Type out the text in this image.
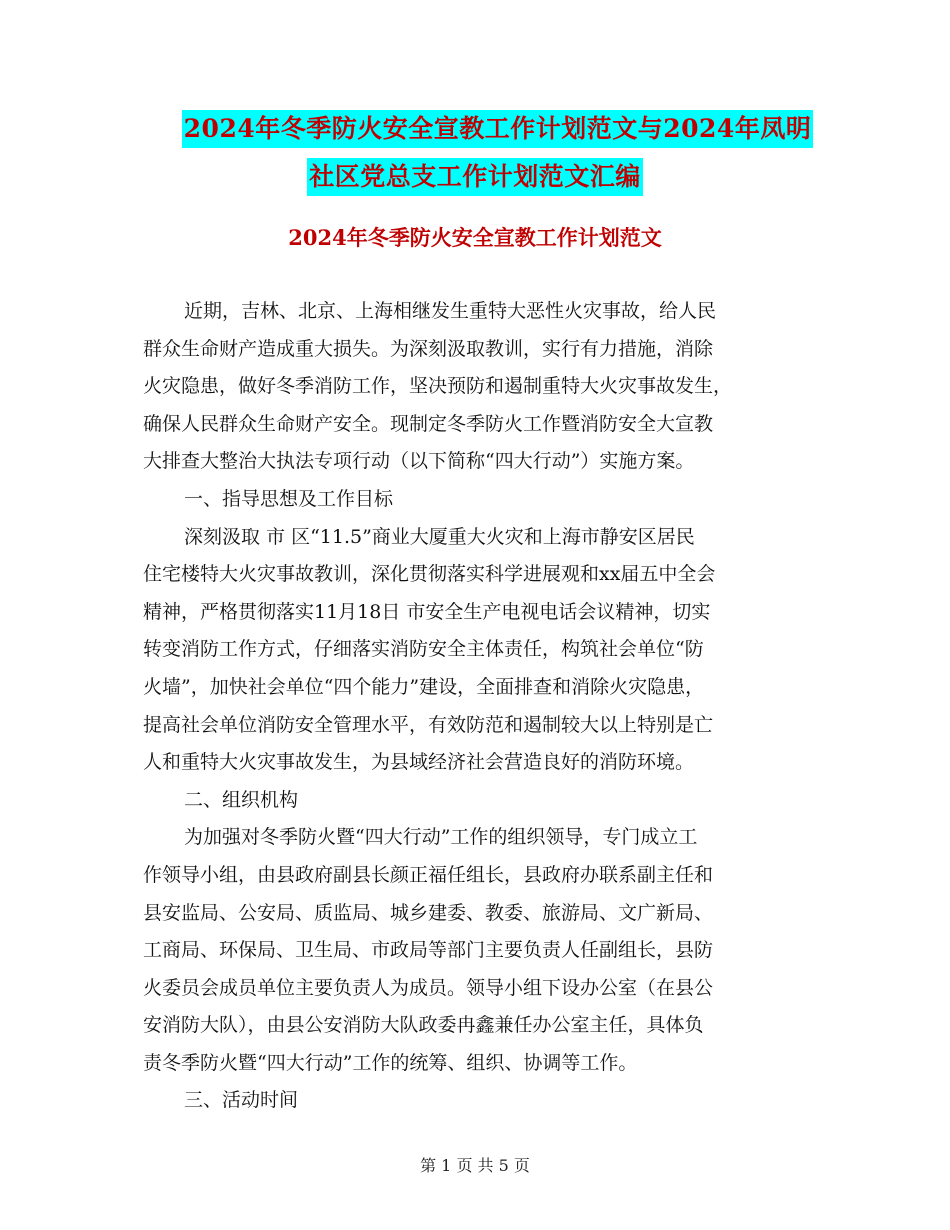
2024年冬季防火安全宣教工作计划范文与2024年凤明
社区党总支工作计划范文汇编
2024年冬季防火安全宣教工作计划范文
近期，吉林、北京、上海相继发生重特大恶性火灾事故，给人民
群众生命财产造成重大损失。为深刻汲取教训，实行有力措施，消除
火灾隐患，做好冬季消防工作，坚决预防和遏制重特大火灾事故发生，
确保人民群众生命财产安全。现制定冬季防火工作暨消防安全大宣教
大排查大整治大执法专项行动（以下简称“四大行动”）实施方案。
一、指导思想及工作目标
深刻汲取 市 区“11.5”商业大厦重大火灾和上海市静安区居民
住宅楼特大火灾事故教训，深化贯彻落实科学进展观和xx届五中全会
精神，严格贯彻落实11月18日 市安全生产电视电话会议精神，切实
转变消防工作方式，仔细落实消防安全主体责任，构筑社会单位“防
火墙”，加快社会单位“四个能力”建设，全面排查和消除火灾隐患，
提高社会单位消防安全管理水平，有效防范和遏制较大以上特别是亡
人和重特大火灾事故发生，为县域经济社会营造良好的消防环境。
二、组织机构
为加强对冬季防火暨“四大行动”工作的组织领导，专门成立工
作领导小组，由县政府副县长颜正福任组长，县政府办联系副主任和
县安监局、公安局、质监局、城乡建委、教委、旅游局、文广新局、
工商局、环保局、卫生局、市政局等部门主要负责人任副组长，县防
火委员会成员单位主要负责人为成员。领导小组下设办公室（在县公
安消防大队），由县公安消防大队政委冉鑫兼任办公室主任，具体负
责冬季防火暨“四大行动”工作的统筹、组织、协调等工作。
三、活动时间
第 1 页 共 5 页
